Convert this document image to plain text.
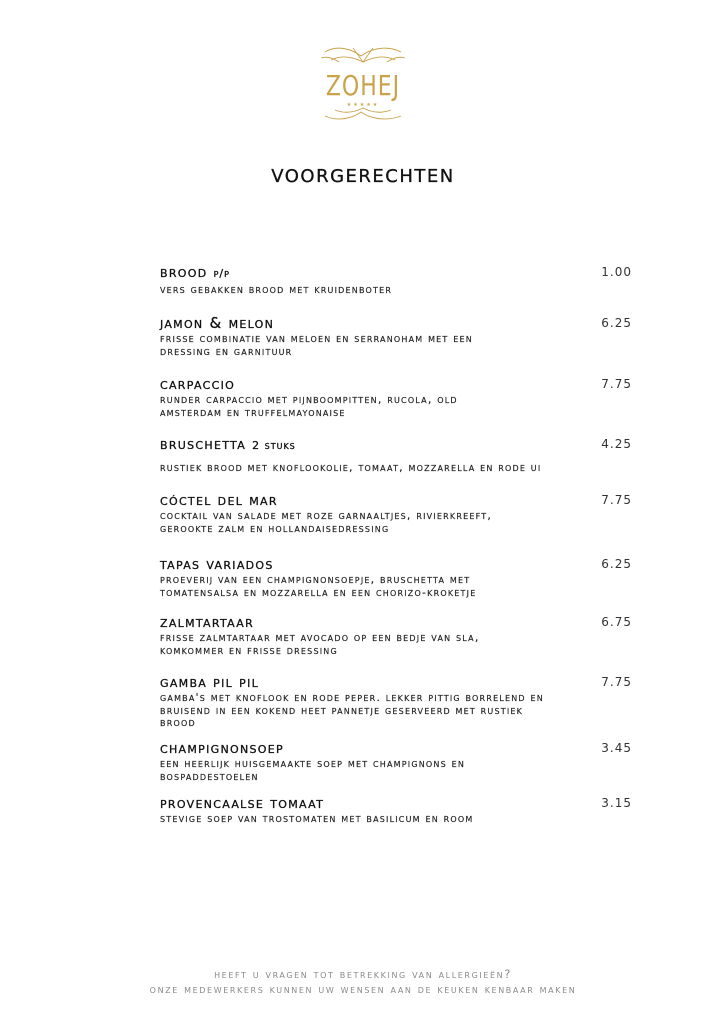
ZOHEJ
★★★★★
VOORGERECHTEN
brood p/p	1.00
vers gebakken brood met kruidenboter
jamon & melon	6.25
frisse combinatie van meloen en serranoham met een dressing en garnituur
carpaccio	7.75
runder carpaccio met pijnboompitten, rucola, old amsterdam en truffelmayonaise
bruschetta 2 stuks	4.25
rustiek brood met knoflookolie, tomaat, mozzarella en rode ui
cóctel del mar	7.75
cocktail van salade met roze garnaaltjes, rivierkreeft, gerookte zalm en hollandaisedressing
tapas variados	6.25
proeverij van een champignonsoepje, bruschetta met tomatensalsa en mozzarella en een chorizo-kroketje
zalmtartaar	6.75
frisse zalmtartaar met avocado op een bedje van sla, komkommer en frisse dressing
gamba pil pil	7.75
gamba's met knoflook en rode peper. lekker pittig borrelend en bruisend in een kokend heet pannetje geserveerd met rustiek brood
champignonsoep	3.45
een heerlijk huisgemaakte soep met champignons en bospaddestoelen
provencaalse tomaat	3.15
stevige soep van trostomaten met basilicum en room
heeft u vragen tot betrekking van allergieën?
onze medewerkers kunnen uw wensen aan de keuken kenbaar maken
